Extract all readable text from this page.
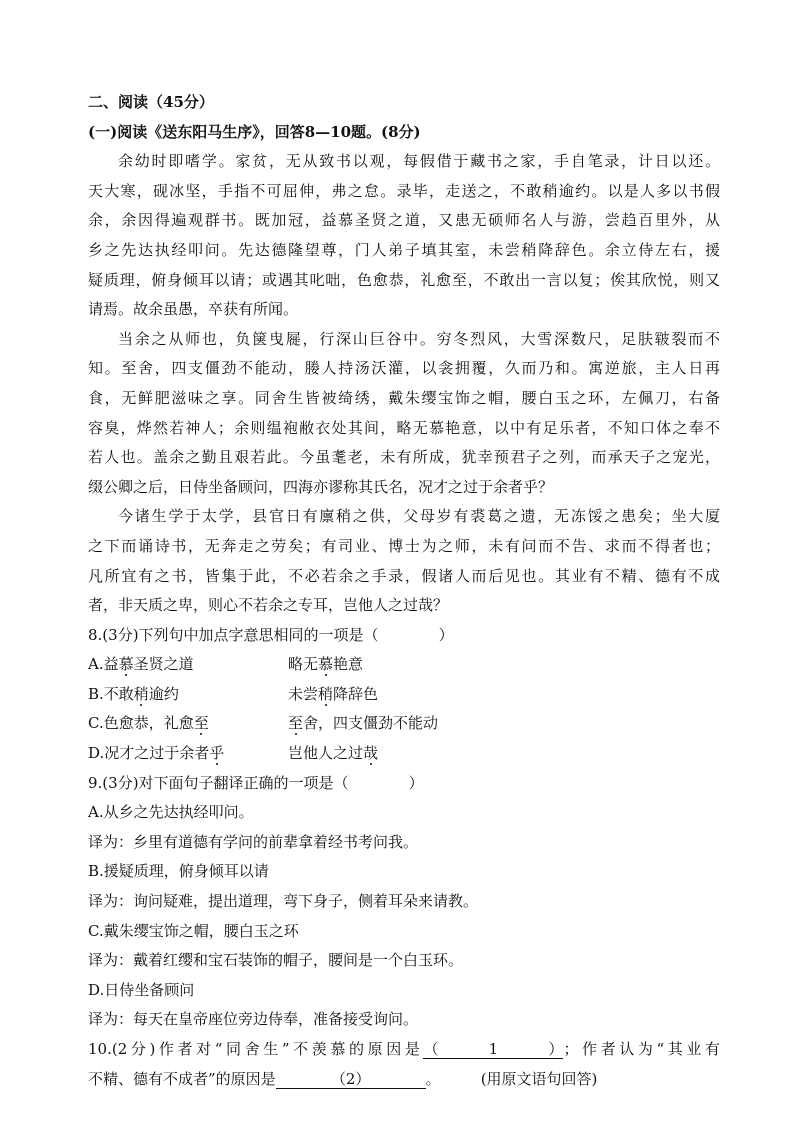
二、阅读（45分）
(一)阅读《送东阳马生序》，回答8—10题。(8分)
余幼时即嗜学。家贫，无从致书以观，每假借于藏书之家，手自笔录，计日以还。
天大寒，砚冰坚，手指不可屈伸，弗之怠。录毕，走送之，不敢稍逾约。以是人多以书假
余，余因得遍观群书。既加冠，益慕圣贤之道，又患无硕师名人与游，尝趋百里外，从
乡之先达执经叩问。先达德隆望尊，门人弟子填其室，未尝稍降辞色。余立侍左右，援
疑质理，俯身倾耳以请；或遇其叱咄，色愈恭，礼愈至，不敢出一言以复；俟其欣悦，则又
请焉。故余虽愚，卒获有所闻。
当余之从师也，负箧曳屣，行深山巨谷中。穷冬烈风，大雪深数尺，足肤皲裂而不
知。至舍，四支僵劲不能动，媵人持汤沃灌，以衾拥覆，久而乃和。寓逆旅，主人日再
食，无鲜肥滋味之享。同舍生皆被绮绣，戴朱缨宝饰之帽，腰白玉之环，左佩刀，右备
容臭，烨然若神人；余则缊袍敝衣处其间，略无慕艳意，以中有足乐者，不知口体之奉不
若人也。盖余之勤且艰若此。今虽耄老，未有所成，犹幸预君子之列，而承天子之宠光，
缀公卿之后，日侍坐备顾问，四海亦谬称其氏名，况才之过于余者乎？
今诸生学于太学，县官日有廪稍之供，父母岁有裘葛之遗，无冻馁之患矣；坐大厦
之下而诵诗书，无奔走之劳矣；有司业、博士为之师，未有问而不告、求而不得者也；
凡所宜有之书，皆集于此，不必若余之手录，假诸人而后见也。其业有不精、德有不成
者，非天质之卑，则心不若余之专耳，岂他人之过哉？
8.(3分)下列句中加点字意思相同的一项是（	）
A.益慕圣贤之道	略无慕艳意
B.不敢稍逾约	未尝稍降辞色
C.色愈恭，礼愈至	至舍，四支僵劲不能动
D.况才之过于余者乎	岂他人之过哉
9.(3分)对下面句子翻译正确的一项是（	）
A.从乡之先达执经叩问。
译为：乡里有道德有学问的前辈拿着经书考问我。
B.援疑质理，俯身倾耳以请
译为：询问疑难，提出道理，弯下身子，侧着耳朵来请教。
C.戴朱缨宝饰之帽，腰白玉之环
译为：戴着红缨和宝石装饰的帽子，腰间是一个白玉环。
D.日侍坐备顾问
译为：每天在皇帝座位旁边侍奉，准备接受询问。
10.(2分)作者对“同舍生”不羡慕的原因是（1）；作者认为“其业有
不精、德有不成者”的原因是	（2）	。	(用原文语句回答)
